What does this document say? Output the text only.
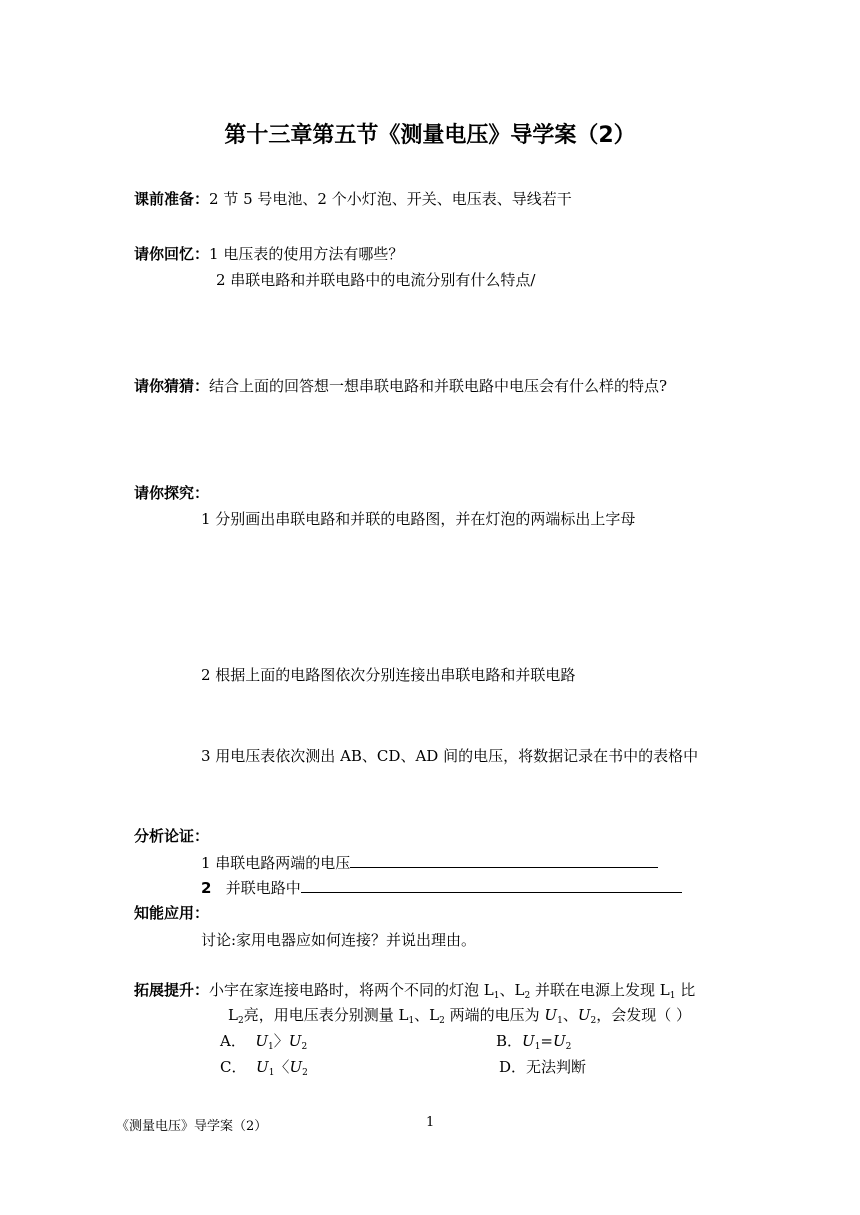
第十三章第五节《测量电压》导学案（2）
课前准备：2 节 5 号电池、2 个小灯泡、开关、电压表、导线若干
请你回忆：1 电压表的使用方法有哪些？
2 串联电路和并联电路中的电流分别有什么特点/
请你猜猜：结合上面的回答想一想串联电路和并联电路中电压会有什么样的特点?
请你探究：
1 分别画出串联电路和并联的电路图，并在灯泡的两端标出上字母
2 根据上面的电路图依次分别连接出串联电路和并联电路
3 用电压表依次测出 AB、CD、AD 间的电压，将数据记录在书中的表格中
分析论证：
1 串联电路两端的电压
2 并联电路中
知能应用：
讨论:家用电器应如何连接？并说出理由。
拓展提升：小宇在家连接电路时，将两个不同的灯泡 $L_1$、$L_2$ 并联在电源上发现 $L_1$ 比
$L_2$亮，用电压表分别测量 $L_1$、$L_2$ 两端的电压为 $U_1$、$U_2$，会发现（ ）
A． $U_1$〉$U_2$	B．$U_1=U_2$
C． $U_1$〈$U_2$	D．无法判断
《测量电压》导学案（2）	1
